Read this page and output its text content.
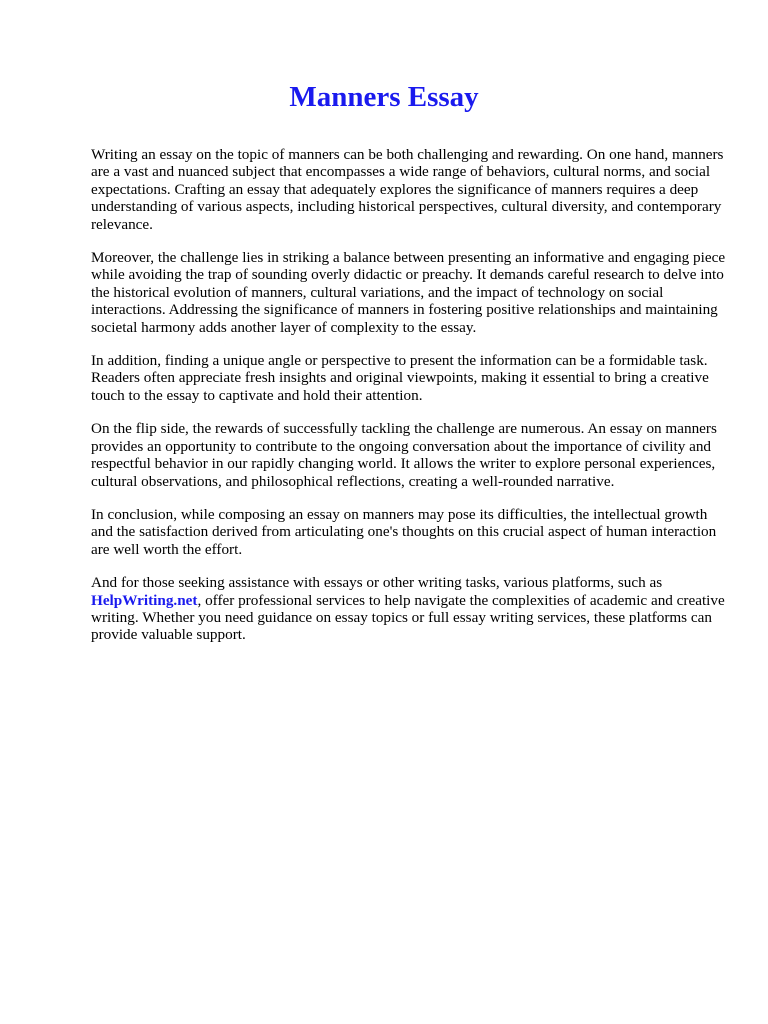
Manners Essay

Writing an essay on the topic of manners can be both challenging and rewarding. On one hand, manners are a vast and nuanced subject that encompasses a wide range of behaviors, cultural norms, and social expectations. Crafting an essay that adequately explores the significance of manners requires a deep understanding of various aspects, including historical perspectives, cultural diversity, and contemporary relevance.

Moreover, the challenge lies in striking a balance between presenting an informative and engaging piece while avoiding the trap of sounding overly didactic or preachy. It demands careful research to delve into the historical evolution of manners, cultural variations, and the impact of technology on social interactions. Addressing the significance of manners in fostering positive relationships and maintaining societal harmony adds another layer of complexity to the essay.

In addition, finding a unique angle or perspective to present the information can be a formidable task. Readers often appreciate fresh insights and original viewpoints, making it essential to bring a creative touch to the essay to captivate and hold their attention.

On the flip side, the rewards of successfully tackling the challenge are numerous. An essay on manners provides an opportunity to contribute to the ongoing conversation about the importance of civility and respectful behavior in our rapidly changing world. It allows the writer to explore personal experiences, cultural observations, and philosophical reflections, creating a well-rounded narrative.

In conclusion, while composing an essay on manners may pose its difficulties, the intellectual growth and the satisfaction derived from articulating one's thoughts on this crucial aspect of human interaction are well worth the effort.

And for those seeking assistance with essays or other writing tasks, various platforms, such as HelpWriting.net, offer professional services to help navigate the complexities of academic and creative writing. Whether you need guidance on essay topics or full essay writing services, these platforms can provide valuable support.
